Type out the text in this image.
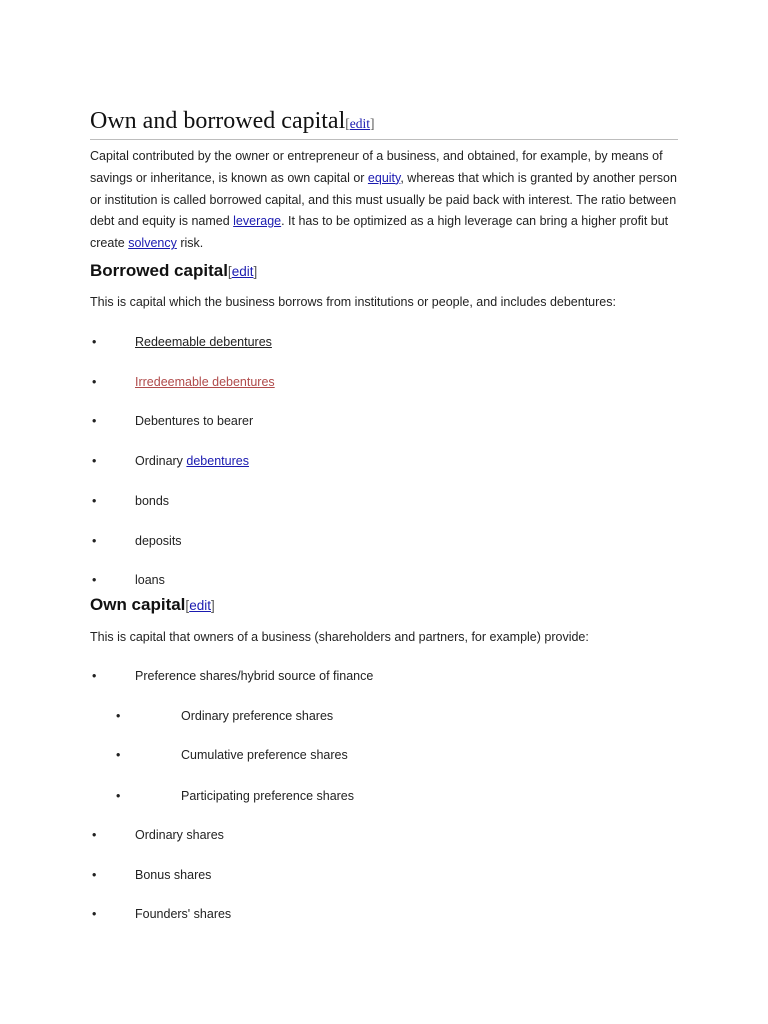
Own and borrowed capital[edit]
Capital contributed by the owner or entrepreneur of a business, and obtained, for example, by means of savings or inheritance, is known as own capital or equity, whereas that which is granted by another person or institution is called borrowed capital, and this must usually be paid back with interest. The ratio between debt and equity is named leverage. It has to be optimized as a high leverage can bring a higher profit but create solvency risk.
Borrowed capital[edit]
This is capital which the business borrows from institutions or people, and includes debentures:
•	Redeemable debentures
•	Irredeemable debentures
•	Debentures to bearer
•	Ordinary debentures
•	bonds
•	deposits
•	loans
Own capital[edit]
This is capital that owners of a business (shareholders and partners, for example) provide:
•	Preference shares/hybrid source of finance
•	Ordinary preference shares
•	Cumulative preference shares
•	Participating preference shares
•	Ordinary shares
•	Bonus shares
•	Founders' shares
